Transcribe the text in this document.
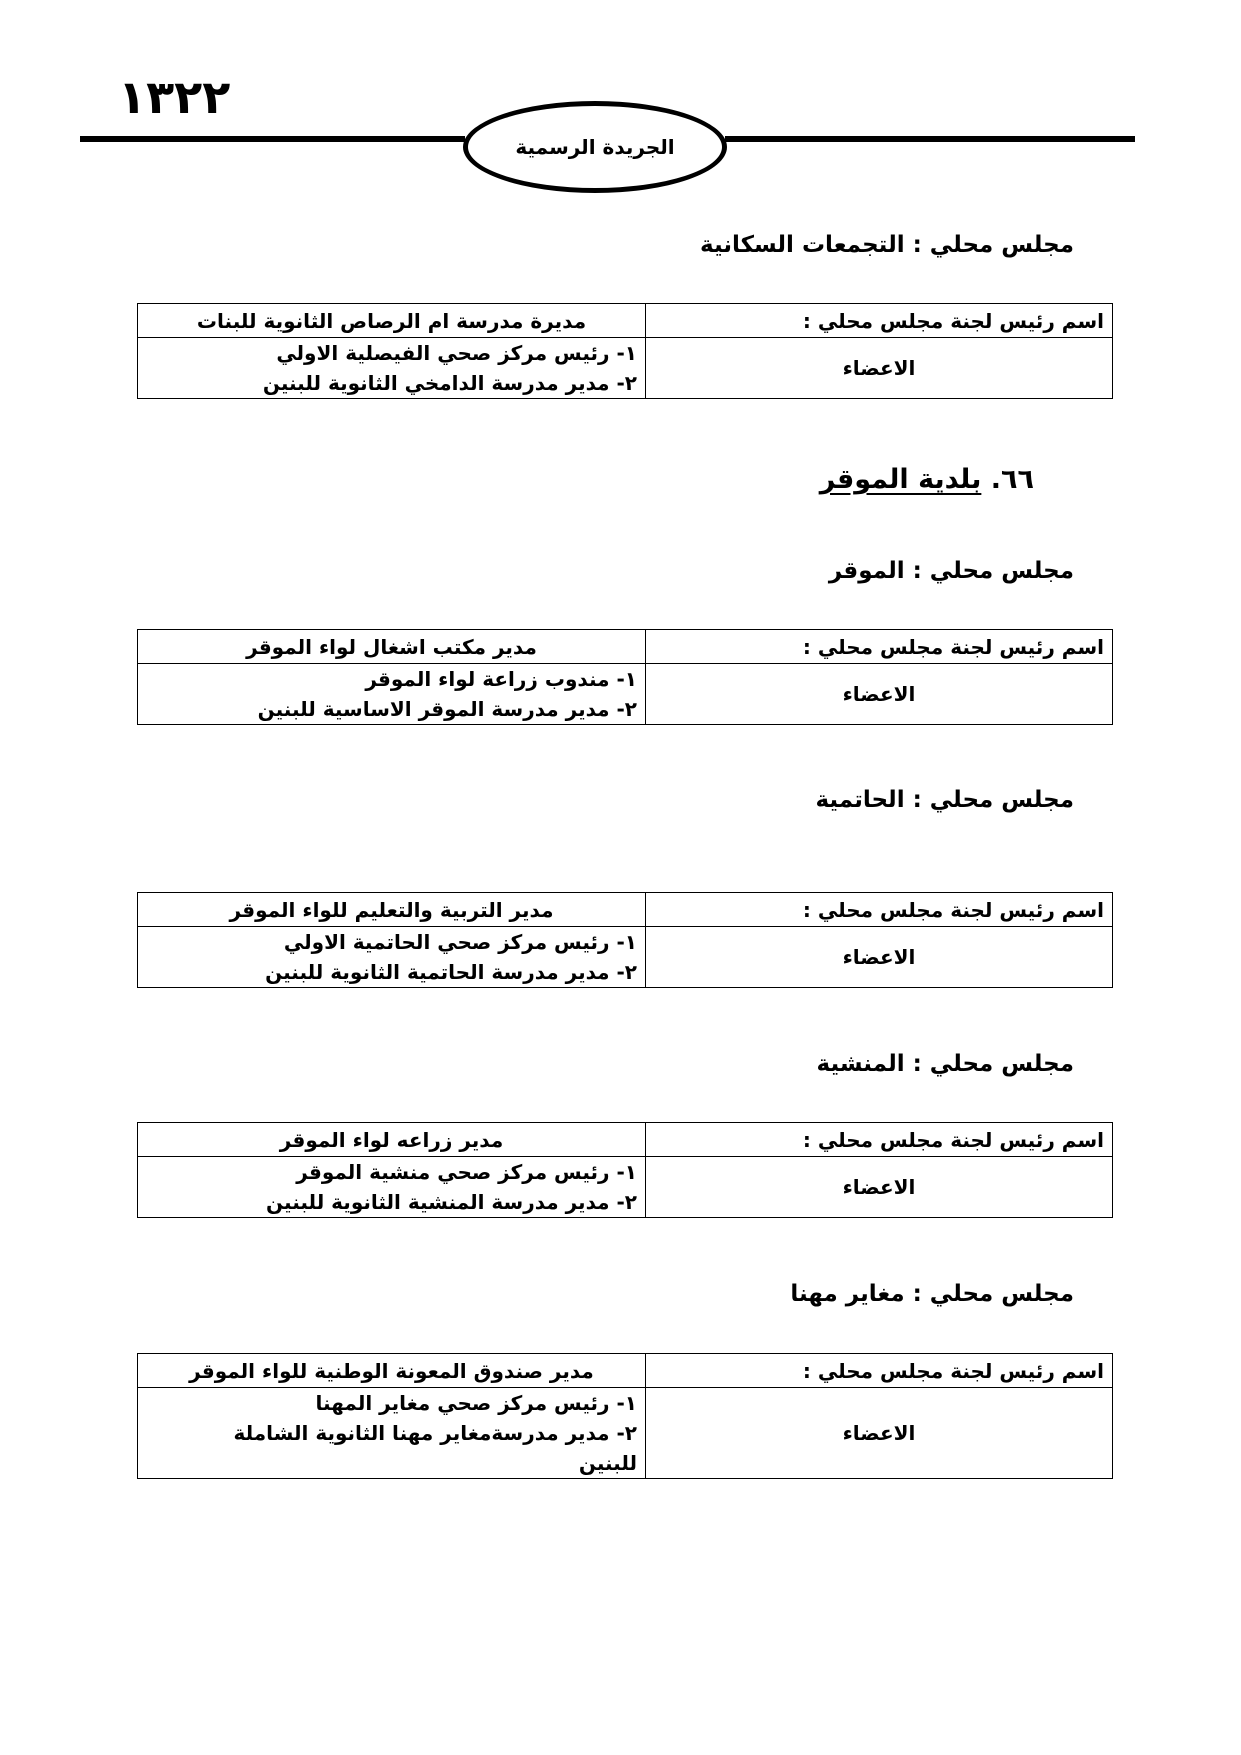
١٣٢٢
الجريدة الرسمية
مجلس محلي : التجمعات السكانية
اسم رئيس لجنة مجلس محلي :	مديرة مدرسة ام الرصاص الثانوية للبنات
الاعضاء	١- رئيس مركز صحي الفيصلية الاولي
٢- مدير مدرسة الدامخي الثانوية للبنين
٦٦. بلدية الموقر
مجلس محلي : الموقر
اسم رئيس لجنة مجلس محلي :	مدير مكتب اشغال لواء الموقر
الاعضاء	١- مندوب زراعة لواء الموقر
٢- مدير مدرسة الموقر الاساسية للبنين
مجلس محلي : الحاتمية
اسم رئيس لجنة مجلس محلي :	مدير التربية والتعليم للواء الموقر
الاعضاء	١- رئيس مركز صحي الحاتمية الاولي
٢- مدير مدرسة الحاتمية الثانوية للبنين
مجلس محلي : المنشية
اسم رئيس لجنة مجلس محلي :	مدير زراعه لواء الموقر
الاعضاء	١- رئيس مركز صحي منشية الموقر
٢- مدير مدرسة المنشية الثانوية للبنين
مجلس محلي : مغاير مهنا
اسم رئيس لجنة مجلس محلي :	مدير صندوق المعونة الوطنية للواء الموقر
الاعضاء	١- رئيس مركز صحي مغاير المهنا
٢- مدير مدرسةمغاير مهنا الثانوية الشاملة للبنين
